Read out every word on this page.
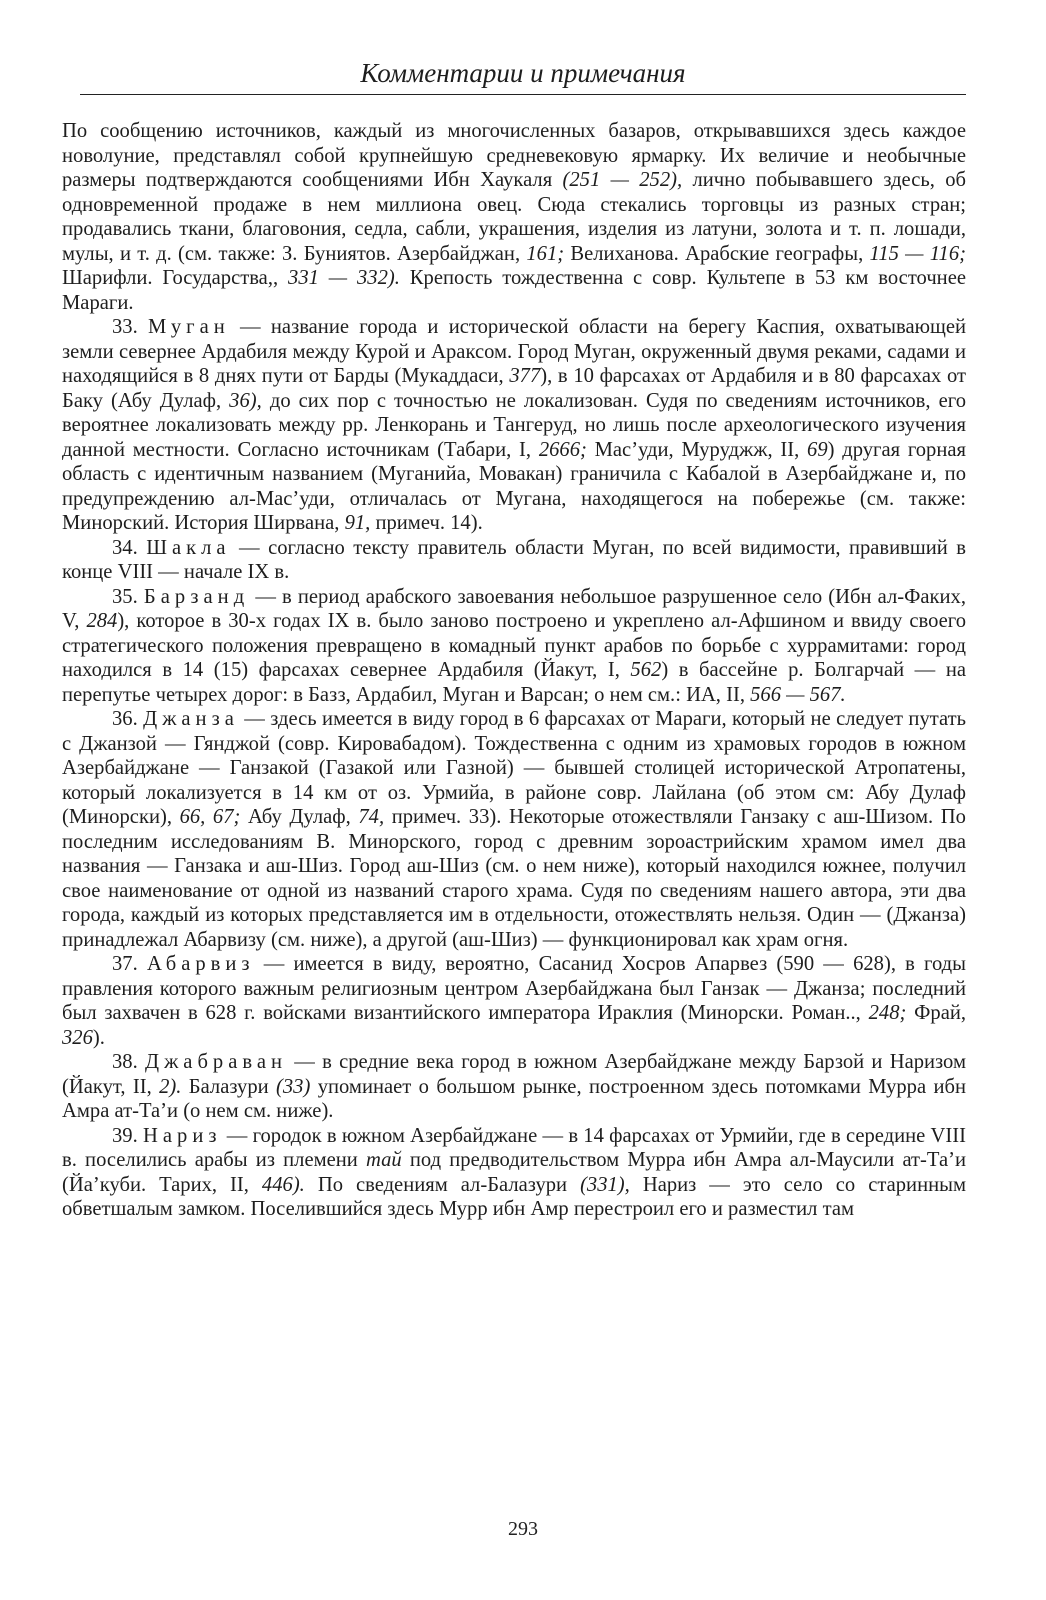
Комментарии и примечания

По сообщению источников, каждый из многочисленных базаров, открывавшихся здесь каждое новолуние, представлял собой крупнейшую средневековую ярмарку. Их величие и необычные размеры подтверждаются сообщениями Ибн Хаукаля (251 — 252), лично побывавшего здесь, об одновременной продаже в нем миллиона овец. Сюда стекались торговцы из разных стран; продавались ткани, благовония, седла, сабли, украшения, изделия из латуни, золота и т. п. лошади, мулы, и т. д. (см. также: З. Буниятов. Азербайджан, 161; Велиханова. Арабские географы, 115 — 116; Шарифли. Государства,, 331 — 332). Крепость тождественна с совр. Культепе в 53 км восточнее Мараги.

33. Муган — название города и исторической области на берегу Каспия, охватывающей земли севернее Ардабиля между Курой и Араксом. Город Муган, окруженный двумя реками, садами и находящийся в 8 днях пути от Барды (Мукаддаси, 377), в 10 фарсахах от Ардабиля и в 80 фарсахах от Баку (Абу Дулаф, 36), до сих пор с точностью не локализован. Судя по сведениям источников, его вероятнее локализовать между рр. Ленкорань и Тангеруд, но лишь после археологического изучения данной местности. Согласно источникам (Табари, I, 2666; Мас’уди, Муруджж, II, 69) другая горная область с идентичным названием (Муганийа, Мовакан) граничила с Кабалой в Азербайджане и, по предупреждению ал-Мас’уди, отличалась от Мугана, находящегося на побережье (см. также: Минорский. История Ширвана, 91, примеч. 14).

34. Шакла — согласно тексту правитель области Муган, по всей видимости, правивший в конце VIII — начале IX в.

35. Барзанд — в период арабского завоевания небольшое разрушенное село (Ибн ал-Факих, V, 284), которое в 30-х годах IX в. было заново построено и укреплено ал-Афшином и ввиду своего стратегического положения превращено в комадный пункт арабов по борьбе с хуррамитами: город находился в 14 (15) фарсахах севернее Ардабиля (Йакут, I, 562) в бассейне р. Болгарчай — на перепутье четырех дорог: в Базз, Ардабил, Муган и Варсан; о нем см.: ИА, II, 566 — 567.

36. Джанза — здесь имеется в виду город в 6 фарсахах от Мараги, который не следует путать с Джанзой — Гянджой (совр. Кировабадом). Тождественна с одним из храмовых городов в южном Азербайджане — Ганзакой (Газакой или Газной) — бывшей столицей исторической Атропатены, который локализуется в 14 км от оз. Урмийа, в районе совр. Лайлана (об этом см: Абу Дулаф (Минорски), 66, 67; Абу Дулаф, 74, примеч. 33). Некоторые отожествляли Ганзаку с аш-Шизом. По последним исследованиям В. Минорского, город с древним зороастрийским храмом имел два названия — Ганзака и аш-Шиз. Город аш-Шиз (см. о нем ниже), который находился южнее, получил свое наименование от одной из названий старого храма. Судя по сведениям нашего автора, эти два города, каждый из которых представляется им в отдельности, отожествлять нельзя. Один — (Джанза) принадлежал Абарвизу (см. ниже), а другой (аш-Шиз) — функционировал как храм огня.

37. Абарвиз — имеется в виду, вероятно, Сасанид Хосров Апарвез (590 — 628), в годы правления которого важным религиозным центром Азербайджана был Ганзак — Джанза; последний был захвачен в 628 г. войсками византийского императора Ираклия (Минорски. Роман.., 248; Фрай, 326).

38. Джабраван — в средние века город в южном Азербайджане между Барзой и Наризом (Йакут, II, 2). Балазури (33) упоминает о большом рынке, построенном здесь потомками Мурра ибн Амра ат-Та’и (о нем см. ниже).

39. Нариз — городок в южном Азербайджане — в 14 фарсахах от Урмийи, где в середине VIII в. поселились арабы из племени тай под предводительством Мурра ибн Амра ал-Маусили ат-Та’и (Йа’куби. Тарих, II, 446). По сведениям ал-Балазури (331), Нариз — это село со старинным обветшалым замком. Поселившийся здесь Мурр ибн Амр перестроил его и разместил там

293
